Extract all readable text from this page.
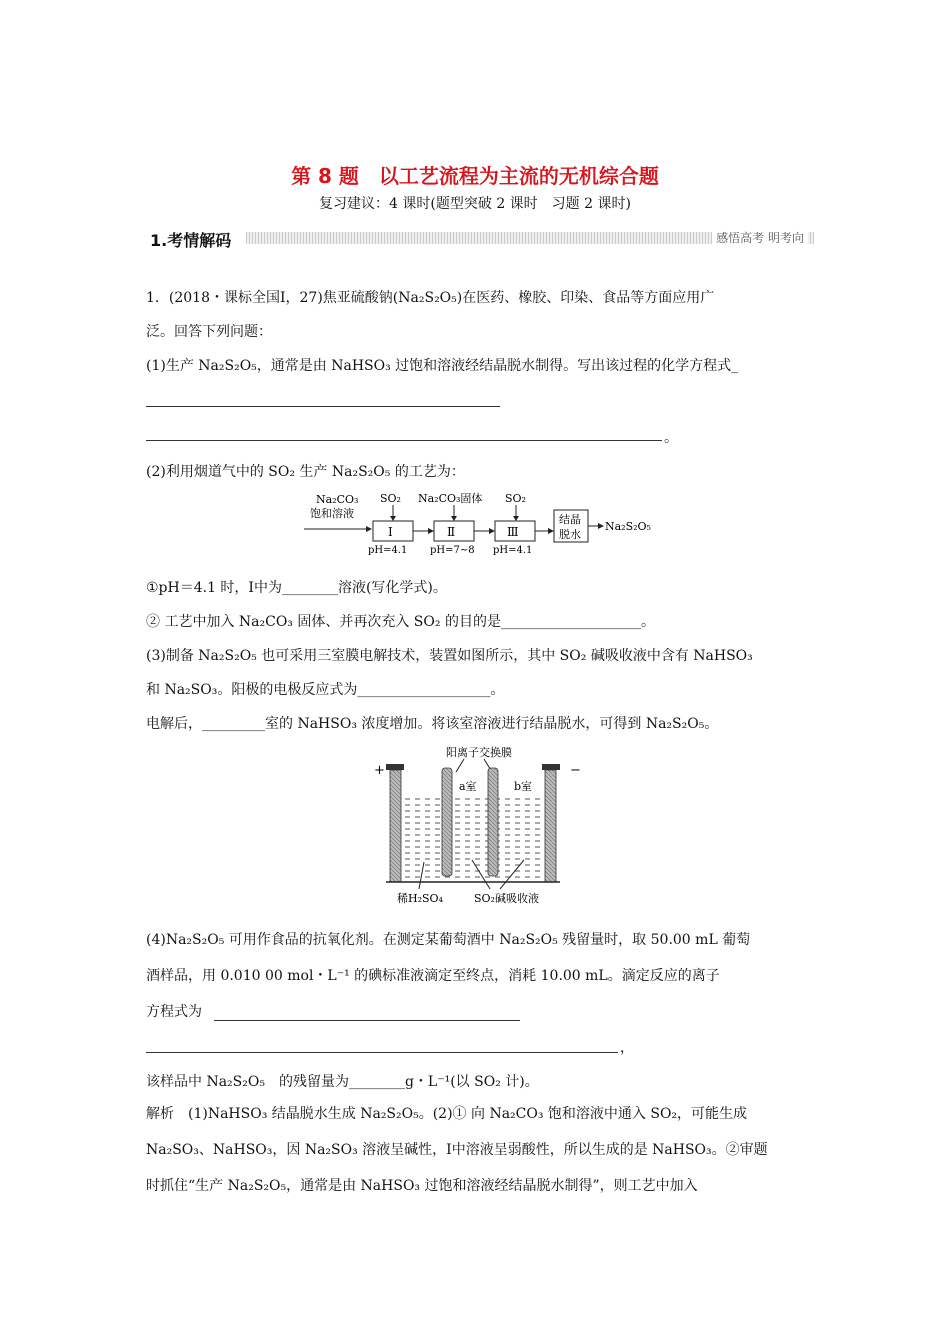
第 8 题　以工艺流程为主流的无机综合题
复习建议：4 课时(题型突破 2 课时　习题 2 课时)
1.考情解码	感悟高考 明考向
1．(2018・课标全国Ⅰ，27)焦亚硫酸钠(Na₂S₂O₅)在医药、橡胶、印染、食品等方面应用广
泛。回答下列问题：
(1)生产 Na₂S₂O₅，通常是由 NaHSO₃ 过饱和溶液经结晶脱水制得。写出该过程的化学方程式_
。
(2)利用烟道气中的 SO₂ 生产 Na₂S₂O₅ 的工艺为：
Na₂CO₃
饱和溶液
SO₂
Ⅰ
pH=4.1
Na₂CO₃固体
Ⅱ
pH=7~8
SO₂
Ⅲ
pH=4.1
结晶
脱水
Na₂S₂O₅
①pH＝4.1 时，Ⅰ中为________溶液(写化学式)。
② 工艺中加入 Na₂CO₃ 固体、并再次充入 SO₂ 的目的是____________________。
(3)制备 Na₂S₂O₅ 也可采用三室膜电解技术，装置如图所示，其中 SO₂ 碱吸收液中含有 NaHSO₃
和 Na₂SO₃。阳极的电极反应式为___________________。
电解后，_________室的 NaHSO₃ 浓度增加。将该室溶液进行结晶脱水，可得到 Na₂S₂O₅。
+	−
阳离子交换膜
a室	b室
稀H₂SO₄	SO₂碱吸收液
(4)Na₂S₂O₅ 可用作食品的抗氧化剂。在测定某葡萄酒中 Na₂S₂O₅ 残留量时，取 50.00 mL 葡萄
酒样品，用 0.010 00 mol・L⁻¹ 的碘标准液滴定至终点，消耗 10.00 mL。滴定反应的离子
方程式为
，
该样品中 Na₂S₂O₅　的残留量为________g・L⁻¹(以 SO₂ 计)。
解析　(1)NaHSO₃ 结晶脱水生成 Na₂S₂O₅。(2)① 向 Na₂CO₃ 饱和溶液中通入 SO₂，可能生成
Na₂SO₃、NaHSO₃，因 Na₂SO₃ 溶液呈碱性，Ⅰ中溶液呈弱酸性，所以生成的是 NaHSO₃。②审题
时抓住“生产 Na₂S₂O₅，通常是由 NaHSO₃ 过饱和溶液经结晶脱水制得”，则工艺中加入
